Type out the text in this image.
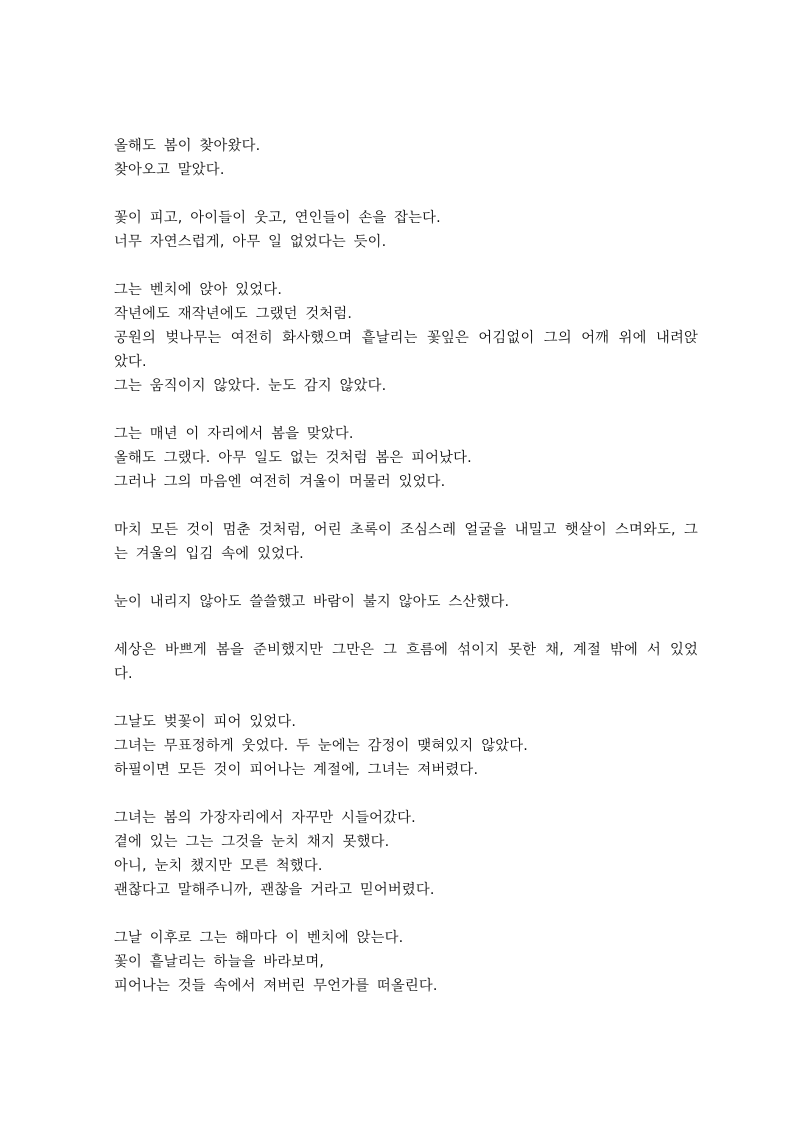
올해도 봄이 찾아왔다.
찾아오고 말았다.
꽃이 피고, 아이들이 웃고, 연인들이 손을 잡는다.
너무 자연스럽게, 아무 일 없었다는 듯이.
그는 벤치에 앉아 있었다.
작년에도 재작년에도 그랬던 것처럼.
공원의 벚나무는 여전히 화사했으며 흩날리는 꽃잎은 어김없이 그의 어깨 위에 내려앉
았다.
그는 움직이지 않았다. 눈도 감지 않았다.
그는 매년 이 자리에서 봄을 맞았다.
올해도 그랬다. 아무 일도 없는 것처럼 봄은 피어났다.
그러나 그의 마음엔 여전히 겨울이 머물러 있었다.
마치 모든 것이 멈춘 것처럼, 어린 초록이 조심스레 얼굴을 내밀고 햇살이 스며와도, 그
는 겨울의 입김 속에 있었다.
눈이 내리지 않아도 쓸쓸했고 바람이 불지 않아도 스산했다.
세상은 바쁘게 봄을 준비했지만 그만은 그 흐름에 섞이지 못한 채, 계절 밖에 서 있었
다.
그날도 벚꽃이 피어 있었다.
그녀는 무표정하게 웃었다. 두 눈에는 감정이 맺혀있지 않았다.
하필이면 모든 것이 피어나는 계절에, 그녀는 져버렸다.
그녀는 봄의 가장자리에서 자꾸만 시들어갔다.
곁에 있는 그는 그것을 눈치 채지 못했다.
아니, 눈치 챘지만 모른 척했다.
괜찮다고 말해주니까, 괜찮을 거라고 믿어버렸다.
그날 이후로 그는 해마다 이 벤치에 앉는다.
꽃이 흩날리는 하늘을 바라보며,
피어나는 것들 속에서 져버린 무언가를 떠올린다.
